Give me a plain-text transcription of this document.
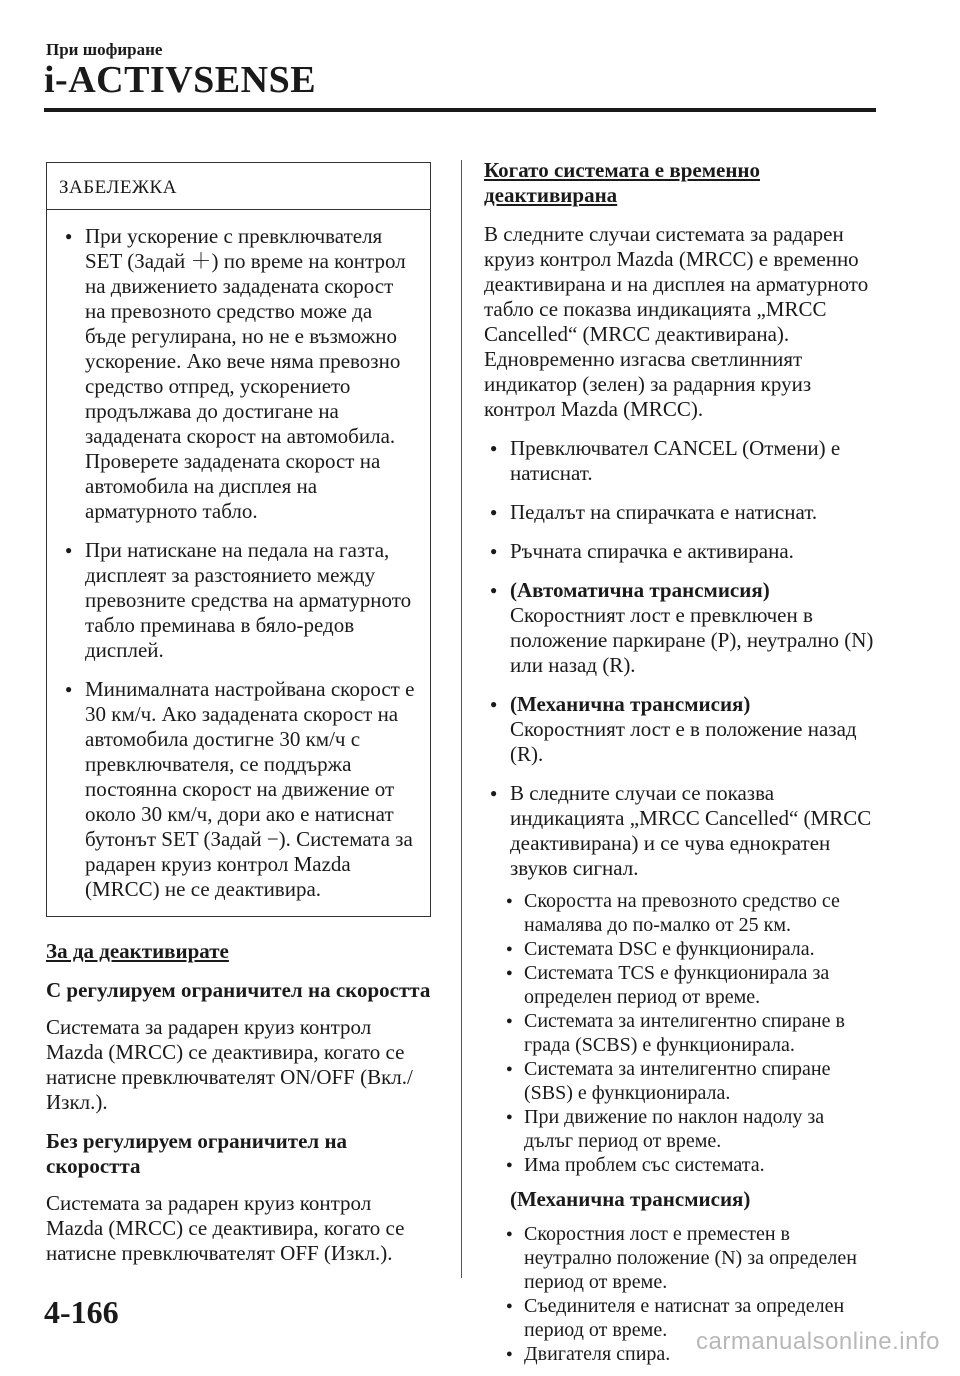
При шофиране
i-ACTIVSENSE
ЗАБЕЛЕЖКА
● При ускорение с превключвателя SET (Задай ＋) по време на контрол на движението зададената скорост на превозното средство може да бъде регулирана, но не е възможно ускорение. Ако вече няма превозно средство отпред, ускорението продължава до достигане на зададената скорост на автомобила. Проверете зададената скорост на автомобила на дисплея на арматурното табло.
● При натискане на педала на газта, дисплеят за разстоянието между превозните средства на арматурното табло преминава в бяло-редов дисплей.
● Минималната настройвана скорост е 30 км/ч. Ако зададената скорост на автомобила достигне 30 км/ч с превключвателя, се поддържа постоянна скорост на движение от около 30 км/ч, дори ако е натиснат бутонът SET (Задай −). Системата за радарен круиз контрол Mazda (MRCC) не се деактивира.
За да деактивирате
С регулируем ограничител на скоростта
Системата за радарен круиз контрол Mazda (MRCC) се деактивира, когато се натисне превключвателят ON/OFF (Вкл./Изкл.).
Без регулируем ограничител на скоростта
Системата за радарен круиз контрол Mazda (MRCC) се деактивира, когато се натисне превключвателят OFF (Изкл.).
Когато системата е временно деактивирана
В следните случаи системата за радарен круиз контрол Mazda (MRCC) е временно деактивирана и на дисплея на арматурното табло се показва индикацията „MRCC Cancelled“ (MRCC деактивирана). Едновременно изгасва светлинният индикатор (зелен) за радарния круиз контрол Mazda (MRCC).
● Превключвател CANCEL (Отмени) е натиснат.
● Педалът на спирачката е натиснат.
● Ръчната спирачка е активирана.
● (Автоматична трансмисия)
Скоростният лост е превключен в положение паркиране (P), неутрално (N) или назад (R).
● (Механична трансмисия)
Скоростният лост е в положение назад (R).
● В следните случаи се показва индикацията „MRCC Cancelled“ (MRCC деактивирана) и се чува еднократен звуков сигнал.
● Скоростта на превозното средство се намалява до по-малко от 25 км.
● Системата DSC е функционирала.
● Системата TCS е функционирала за определен период от време.
● Системата за интелигентно спиране в града (SCBS) е функционирала.
● Системата за интелигентно спиране (SBS) е функционирала.
● При движение по наклон надолу за дълъг период от време.
● Има проблем със системата.
(Механична трансмисия)
● Скоростния лост е преместен в неутрално положение (N) за определен период от време.
● Съединителя е натиснат за определен период от време.
● Двигателя спира.
4-166
carmanualsonline.info
